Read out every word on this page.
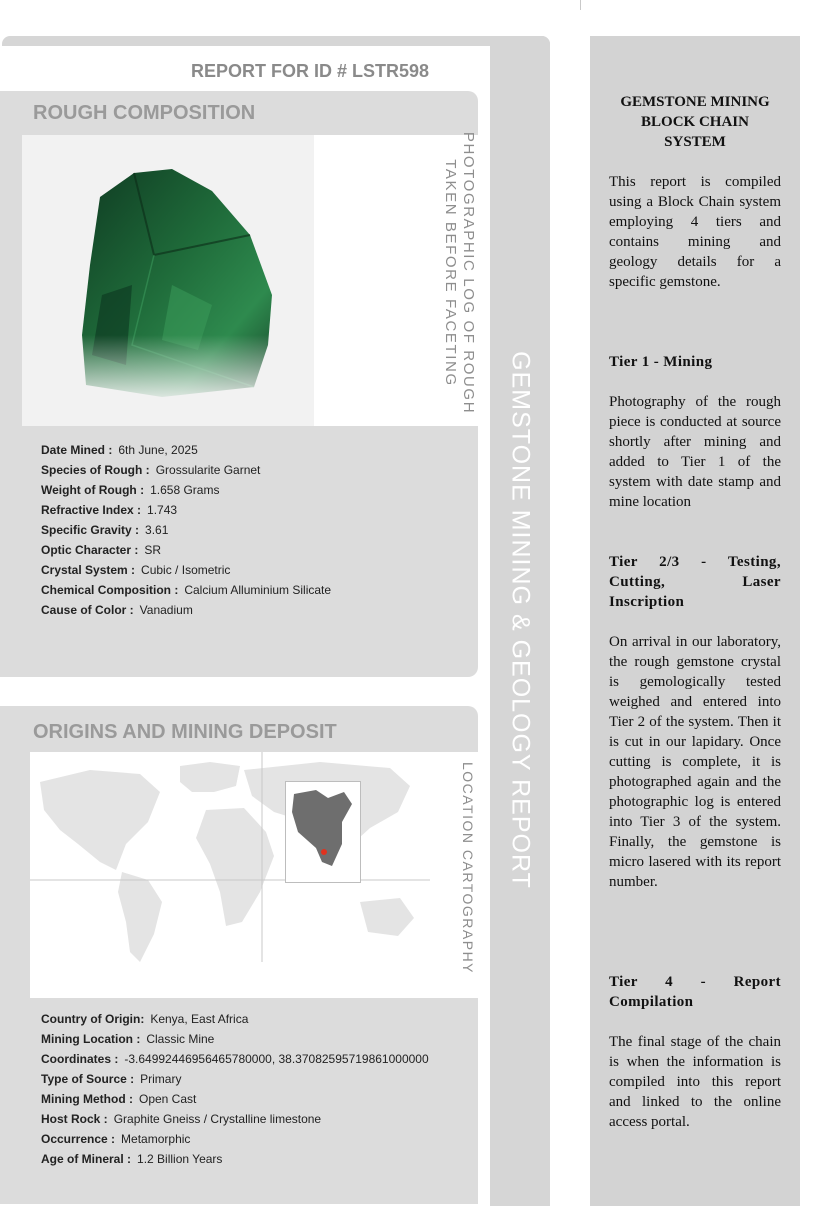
GEMSTONE MINING & GEOLOGY REPORT
REPORT FOR ID # LSTR598
ROUGH COMPOSITION
PHOTOGRAPHIC LOG OF ROUGH
TAKEN BEFORE FACETING
Date Mined : 6th June, 2025
Species of Rough : Grossularite Garnet
Weight of Rough : 1.658 Grams
Refractive Index : 1.743
Specific Gravity : 3.61
Optic Character : SR
Crystal System : Cubic / Isometric
Chemical Composition : Calcium Alluminium Silicate
Cause of Color : Vanadium
ORIGINS AND MINING DEPOSIT
LOCATION CARTOGRAPHY
Country of Origin: Kenya, East Africa
Mining Location : Classic Mine
Coordinates : -3.64992446956465780000, 38.37082595719861000000
Type of Source : Primary
Mining Method : Open Cast
Host Rock : Graphite Gneiss / Crystalline limestone
Occurrence : Metamorphic
Age of Mineral : 1.2 Billion Years
GEMSTONE MINING BLOCK CHAIN SYSTEM
This report is compiled using a Block Chain system employing 4 tiers and contains mining and geology details for a specific gemstone.
Tier 1 - Mining
Photography of the rough piece is conducted at source shortly after mining and added to Tier 1 of the system with date stamp and mine location
Tier 2/3 - Testing, Cutting, Laser Inscription
On arrival in our laboratory, the rough gemstone crystal is gemologically tested weighed and entered into Tier 2 of the system. Then it is cut in our lapidary. Once cutting is complete, it is photographed again and the photographic log is entered into Tier 3 of the system. Finally, the gemstone is micro lasered with its report number.
Tier 4 - Report Compilation
The final stage of the chain is when the information is compiled into this report and linked to the online access portal.
